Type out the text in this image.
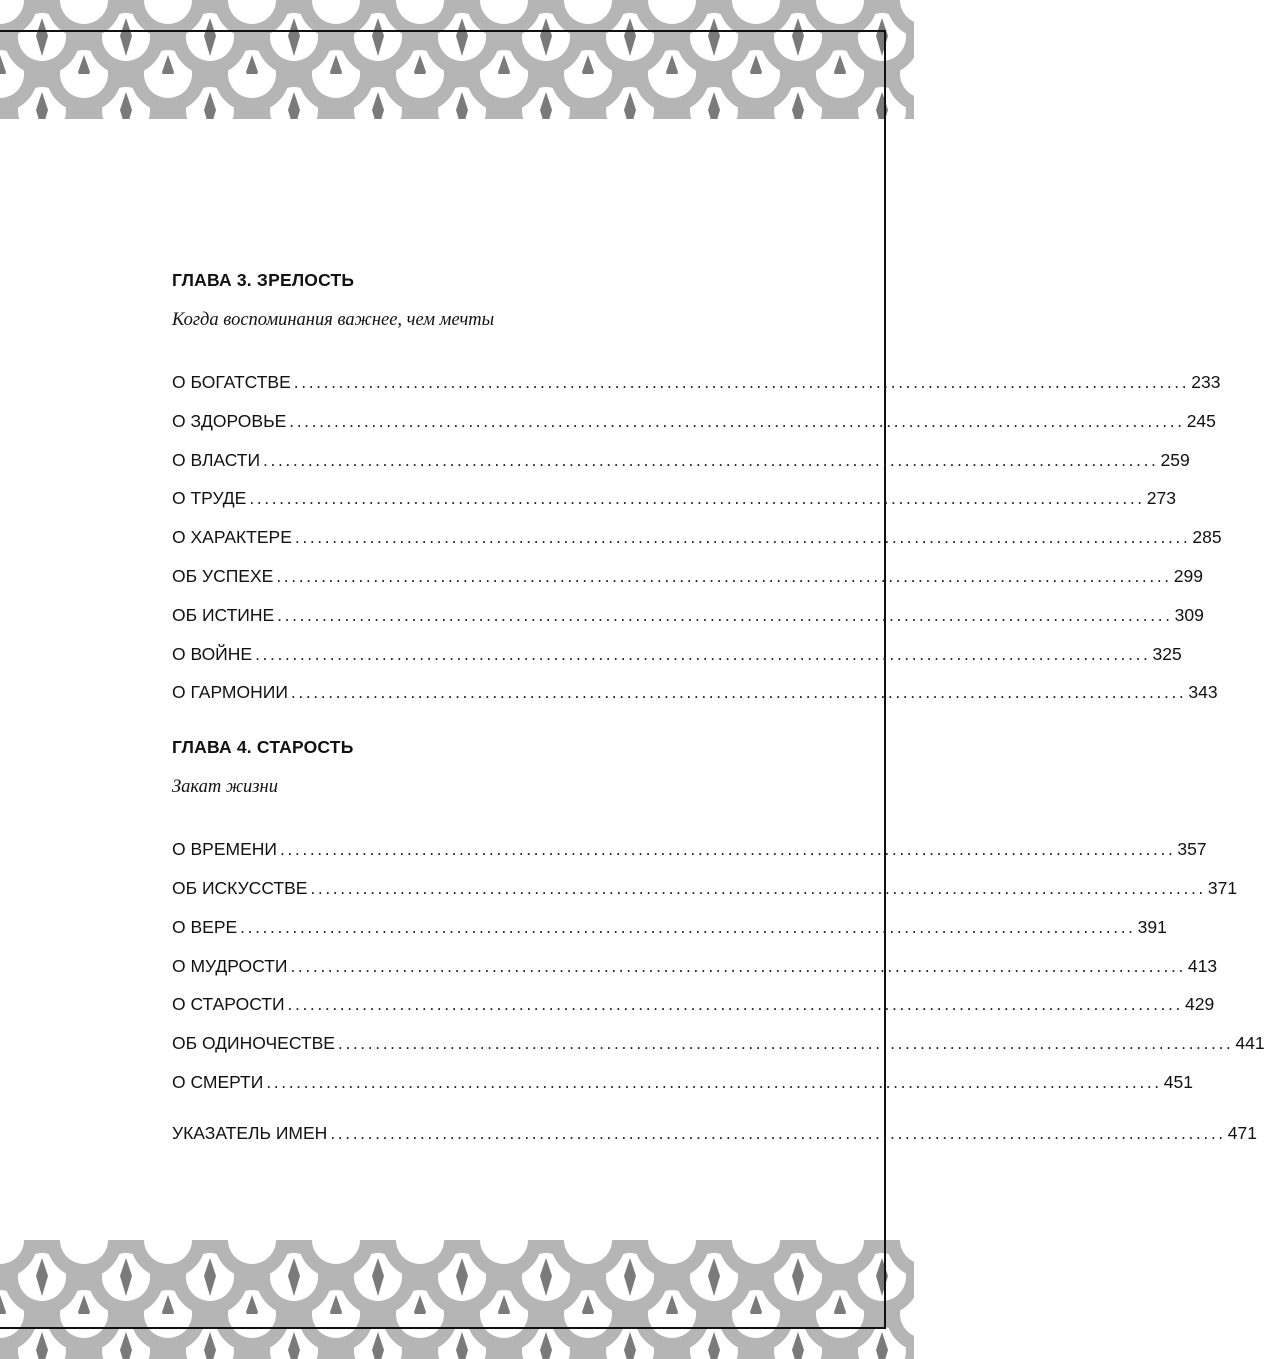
ГЛАВА 3. ЗРЕЛОСТЬ
Когда воспоминания важнее, чем мечты
О БОГАТСТВЕ ........................................................................................................................ 233
О ЗДОРОВЬЕ ........................................................................................................................ 245
О ВЛАСТИ ........................................................................................................................ 259
О ТРУДЕ ........................................................................................................................ 273
О ХАРАКТЕРЕ ........................................................................................................................ 285
ОБ УСПЕХЕ ........................................................................................................................ 299
ОБ ИСТИНЕ ........................................................................................................................ 309
О ВОЙНЕ ........................................................................................................................ 325
О ГАРМОНИИ ........................................................................................................................ 343
ГЛАВА 4. СТАРОСТЬ
Закат жизни
О ВРЕМЕНИ ........................................................................................................................ 357
ОБ ИСКУССТВЕ ........................................................................................................................ 371
О ВЕРЕ ........................................................................................................................ 391
О МУДРОСТИ ........................................................................................................................ 413
О СТАРОСТИ ........................................................................................................................ 429
ОБ ОДИНОЧЕСТВЕ ........................................................................................................................ 441
О СМЕРТИ ........................................................................................................................ 451
УКАЗАТЕЛЬ ИМЕН ........................................................................................................................ 471
